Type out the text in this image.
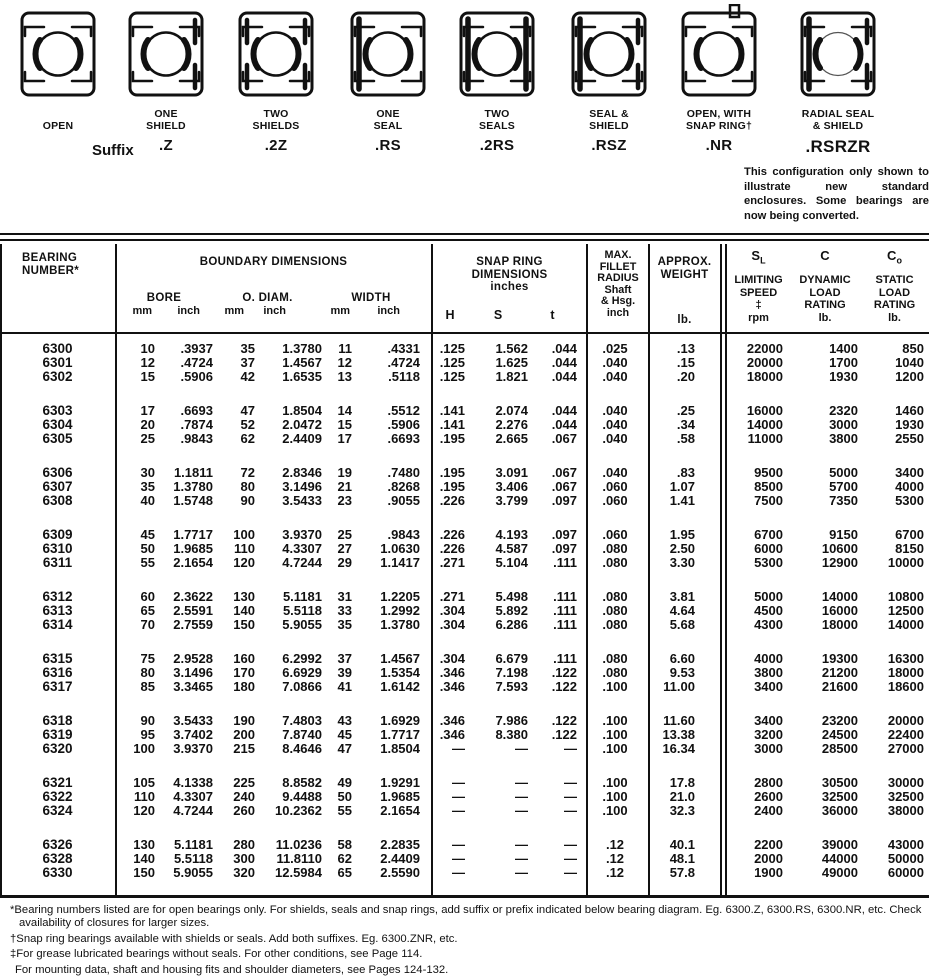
Suffix
This configuration only shown to illustrate new standard enclosures. Some bearings are now being converted.
OPEN
ONE
SHIELD
.Z
TWO
SHIELDS
.2Z
ONE
SEAL
.RS
TWO
SEALS
.2RS
SEAL &
SHIELD
.RSZ
OPEN, WITH
SNAP RING†
.NR
RADIAL SEAL
& SHIELD
.RSRZR
BEARING
NUMBER*
BOUNDARY DIMENSIONS
BORE	O. DIAM.	WIDTH
mm	inch	mm	inch	mm	inch
SNAP RING
DIMENSIONS
inches
H	S	t
MAX.
FILLET
RADIUS
Shaft
& Hsg.
inch
APPROX.
WEIGHT
lb.
$S_L$
LIMITING
SPEED
‡
rpm
C
DYNAMIC
LOAD
RATING
lb.
$C_o$
STATIC
LOAD
RATING
lb.
6300	10	.3937	35	1.3780	11	.4331	.125	1.562	.044	.025	.13	22000	1400	850
6301	12	.4724	37	1.4567	12	.4724	.125	1.625	.044	.040	.15	20000	1700	1040
6302	15	.5906	42	1.6535	13	.5118	.125	1.821	.044	.040	.20	18000	1930	1200
6303	17	.6693	47	1.8504	14	.5512	.141	2.074	.044	.040	.25	16000	2320	1460
6304	20	.7874	52	2.0472	15	.5906	.141	2.276	.044	.040	.34	14000	3000	1930
6305	25	.9843	62	2.4409	17	.6693	.195	2.665	.067	.040	.58	11000	3800	2550
6306	30	1.1811	72	2.8346	19	.7480	.195	3.091	.067	.040	.83	9500	5000	3400
6307	35	1.3780	80	3.1496	21	.8268	.195	3.406	.067	.060	1.07	8500	5700	4000
6308	40	1.5748	90	3.5433	23	.9055	.226	3.799	.097	.060	1.41	7500	7350	5300
6309	45	1.7717	100	3.9370	25	.9843	.226	4.193	.097	.060	1.95	6700	9150	6700
6310	50	1.9685	110	4.3307	27	1.0630	.226	4.587	.097	.080	2.50	6000	10600	8150
6311	55	2.1654	120	4.7244	29	1.1417	.271	5.104	.111	.080	3.30	5300	12900	10000
6312	60	2.3622	130	5.1181	31	1.2205	.271	5.498	.111	.080	3.81	5000	14000	10800
6313	65	2.5591	140	5.5118	33	1.2992	.304	5.892	.111	.080	4.64	4500	16000	12500
6314	70	2.7559	150	5.9055	35	1.3780	.304	6.286	.111	.080	5.68	4300	18000	14000
6315	75	2.9528	160	6.2992	37	1.4567	.304	6.679	.111	.080	6.60	4000	19300	16300
6316	80	3.1496	170	6.6929	39	1.5354	.346	7.198	.122	.080	9.53	3800	21200	18000
6317	85	3.3465	180	7.0866	41	1.6142	.346	7.593	.122	.100	11.00	3400	21600	18600
6318	90	3.5433	190	7.4803	43	1.6929	.346	7.986	.122	.100	11.60	3400	23200	20000
6319	95	3.7402	200	7.8740	45	1.7717	.346	8.380	.122	.100	13.38	3200	24500	22400
6320	100	3.9370	215	8.4646	47	1.8504	—	—	—	.100	16.34	3000	28500	27000
6321	105	4.1338	225	8.8582	49	1.9291	—	—	—	.100	17.8	2800	30500	30000
6322	110	4.3307	240	9.4488	50	1.9685	—	—	—	.100	21.0	2600	32500	32500
6324	120	4.7244	260	10.2362	55	2.1654	—	—	—	.100	32.3	2400	36000	38000
6326	130	5.1181	280	11.0236	58	2.2835	—	—	—	.12	40.1	2200	39000	43000
6328	140	5.5118	300	11.8110	62	2.4409	—	—	—	.12	48.1	2000	44000	50000
6330	150	5.9055	320	12.5984	65	2.5590	—	—	—	.12	57.8	1900	49000	60000
*Bearing numbers listed are for open bearings only. For shields, seals and snap rings, add suffix or prefix indicated below bearing diagram. Eg. 6300.Z, 6300.RS, 6300.NR, etc. Check availability of closures for larger sizes.
†Snap ring bearings available with shields or seals. Add both suffixes. Eg. 6300.ZNR, etc.
‡For grease lubricated bearings without seals. For other conditions, see Page 114.
For mounting data, shaft and housing fits and shoulder diameters, see Pages 124-132.
